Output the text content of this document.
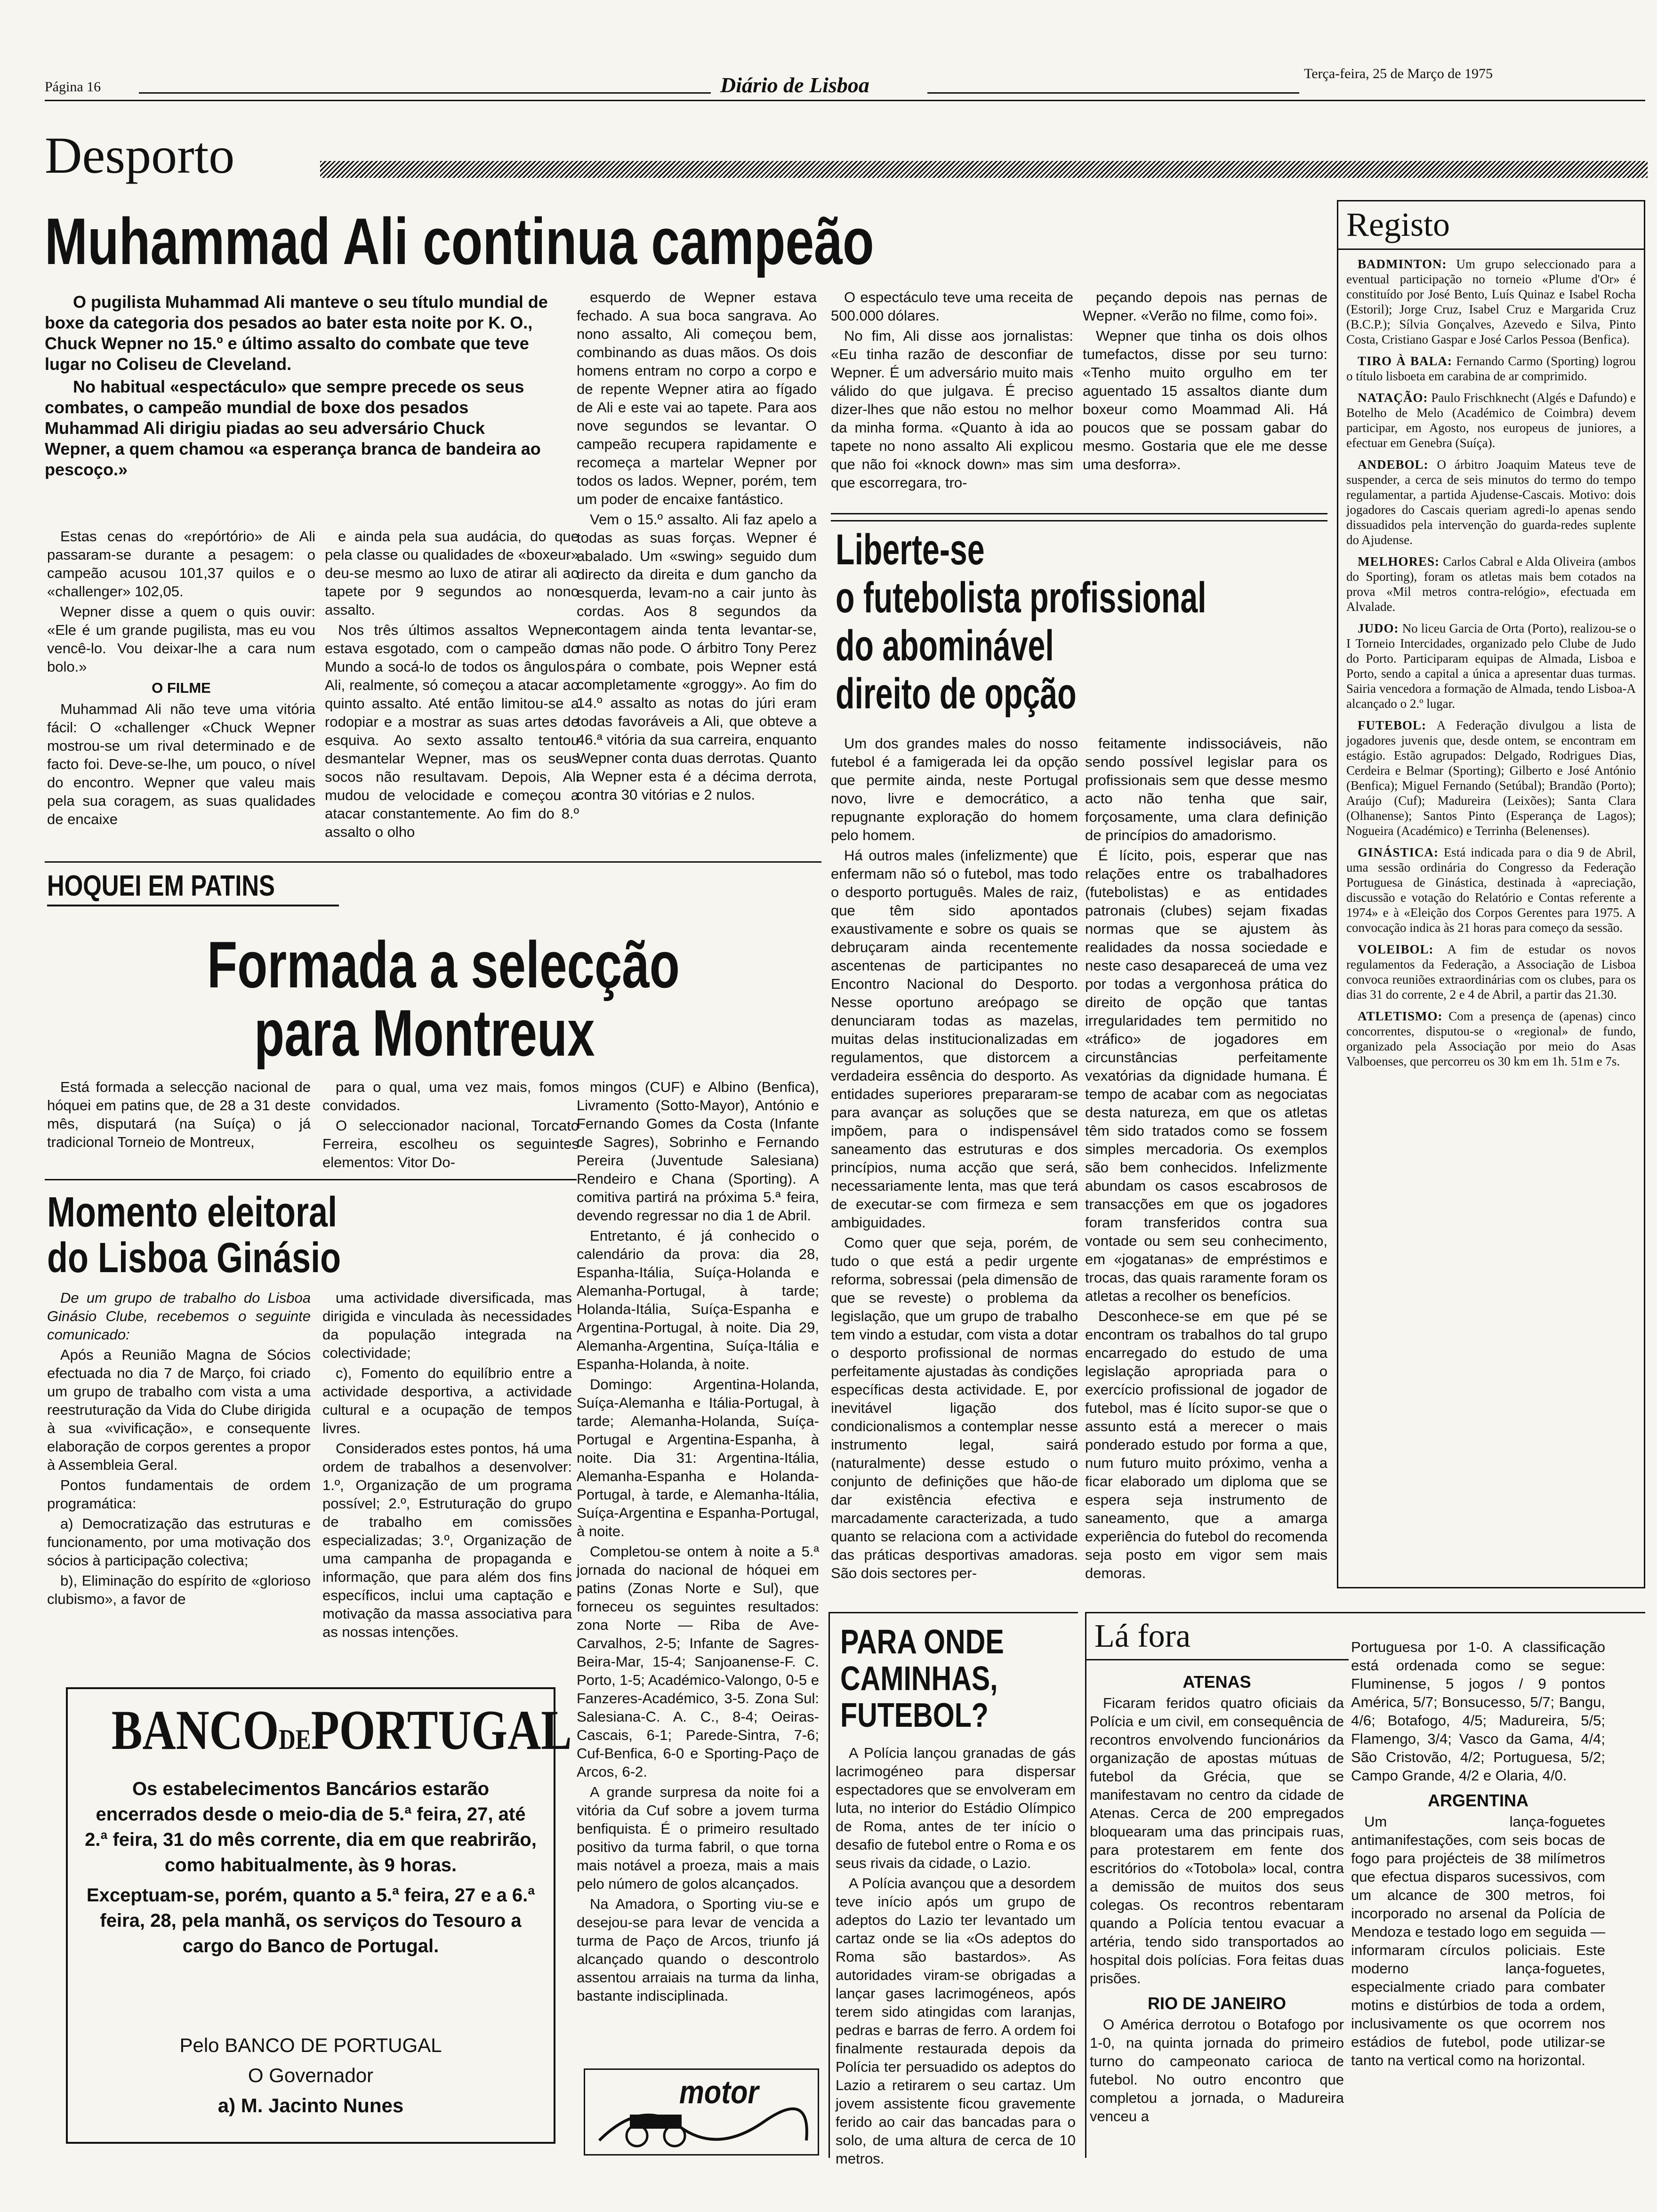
Página 16	Diário de Lisboa	Terça-feira, 25 de Março de 1975
Desporto
Muhammad Ali continua campeão

O pugilista Muhammad Ali manteve o seu título mundial de boxe da categoria dos pesados ao bater esta noite por K. O., Chuck Wepner no 15.º e último assalto do combate que teve lugar no Coliseu de Cleveland.

No habitual «espectáculo» que sempre precede os seus combates, o campeão mundial de boxe dos pesados Muhammad Ali dirigiu piadas ao seu adversário Chuck Wepner, a quem chamou «a esperança branca de bandeira ao pescoço.»

Estas cenas do «repórtório» de Ali passaram-se durante a pesagem: o campeão acusou 101,37 quilos e o «challenger» 102,05.

Wepner disse a quem o quis ouvir: «Ele é um grande pugilista, mas eu vou vencê-lo. Vou deixar-lhe a cara num bolo.»

O FILME

Muhammad Ali não teve uma vitória fácil: O «challenger «Chuck Wepner mostrou-se um rival determinado e de facto foi. Deve-se-lhe, um pouco, o nível do encontro. Wepner que valeu mais pela sua coragem, as suas qualidades de encaixe

e ainda pela sua audácia, do que pela classe ou qualidades de «boxeur» deu-se mesmo ao luxo de atirar ali ao tapete por 9 segundos ao nono assalto.

Nos três últimos assaltos Wepner estava esgotado, com o campeão do Mundo a socá-lo de todos os ângulos. Ali, realmente, só começou a atacar ao quinto assalto. Até então limitou-se a rodopiar e a mostrar as suas artes de esquiva. Ao sexto assalto tentou desmantelar Wepner, mas os seus socos não resultavam. Depois, Ali mudou de velocidade e começou a atacar constantemente. Ao fim do 8.º assalto o olho

esquerdo de Wepner estava fechado. A sua boca sangrava. Ao nono assalto, Ali começou bem, combinando as duas mãos. Os dois homens entram no corpo a corpo e de repente Wepner atira ao fígado de Ali e este vai ao tapete. Para aos nove segundos se levantar. O campeão recupera rapidamente e recomeça a martelar Wepner por todos os lados. Wepner, porém, tem um poder de encaixe fantástico.

Vem o 15.º assalto. Ali faz apelo a todas as suas forças. Wepner é abalado. Um «swing» seguido dum directo da direita e dum gancho da esquerda, levam-no a cair junto às cordas. Aos 8 segundos da contagem ainda tenta levantar-se, mas não pode. O árbitro Tony Perez pára o combate, pois Wepner está completamente «groggy». Ao fim do 14.º assalto as notas do júri eram todas favoráveis a Ali, que obteve a 46.ª vitória da sua carreira, enquanto Wepner conta duas derrotas. Quanto a Wepner esta é a décima derrota, contra 30 vitórias e 2 nulos.

O espectáculo teve uma receita de 500.000 dólares.

No fim, Ali disse aos jornalistas: «Eu tinha razão de desconfiar de Wepner. É um adversário muito mais válido do que julgava. É preciso dizer-lhes que não estou no melhor da minha forma. «Quanto à ida ao tapete no nono assalto Ali explicou que não foi «knock down» mas sim que escorregara, tro-

peçando depois nas pernas de Wepner. «Verão no filme, como foi».

Wepner que tinha os dois olhos tumefactos, disse por seu turno: «Tenho muito orgulho em ter aguentado 15 assaltos diante dum boxeur como Moammad Ali. Há poucos que se possam gabar do mesmo. Gostaria que ele me desse uma desforra».

HOQUEI EM PATINS
Formada a selecção
para Montreux

Está formada a selecção nacional de hóquei em patins que, de 28 a 31 deste mês, disputará (na Suíça) o já tradicional Torneio de Montreux,

para o qual, uma vez mais, fomos convidados.

O seleccionador nacional, Torcato Ferreira, escolheu os seguintes elementos: Vitor Do-

mingos (CUF) e Albino (Benfica), Livramento (Sotto-Mayor), António e Fernando Gomes da Costa (Infante de Sagres), Sobrinho e Fernando Pereira (Juventude Salesiana) Rendeiro e Chana (Sporting). A comitiva partirá na próxima 5.ª feira, devendo regressar no dia 1 de Abril.

Entretanto, é já conhecido o calendário da prova: dia 28, Espanha-Itália, Suíça-Holanda e Alemanha-Portugal, à tarde; Holanda-Itália, Suíça-Espanha e Argentina-Portugal, à noite. Dia 29, Alemanha-Argentina, Suíça-Itália e Espanha-Holanda, à noite.

Domingo: Argentina-Holanda, Suíça-Alemanha e Itália-Portugal, à tarde; Alemanha-Holanda, Suíça-Portugal e Argentina-Espanha, à noite. Dia 31: Argentina-Itália, Alemanha-Espanha e Holanda-Portugal, à tarde, e Alemanha-Itália, Suíça-Argentina e Espanha-Portugal, à noite.

Completou-se ontem à noite a 5.ª jornada do nacional de hóquei em patins (Zonas Norte e Sul), que forneceu os seguintes resultados: zona Norte — Riba de Ave-Carvalhos, 2-5; Infante de Sagres-Beira-Mar, 15-4; Sanjoanense-F. C. Porto, 1-5; Académico-Valongo, 0-5 e Fanzeres-Académico, 3-5. Zona Sul: Salesiana-C. A. C., 8-4; Oeiras-Cascais, 6-1; Parede-Sintra, 7-6; Cuf-Benfica, 6-0 e Sporting-Paço de Arcos, 6-2.

A grande surpresa da noite foi a vitória da Cuf sobre a jovem turma benfiquista. É o primeiro resultado positivo da turma fabril, o que torna mais notável a proeza, mais a mais pelo número de golos alcançados.

Na Amadora, o Sporting viu-se e desejou-se para levar de vencida a turma de Paço de Arcos, triunfo já alcançado quando o descontrolo assentou arraiais na turma da linha, bastante indisciplinada.

Momento eleitoral
do Lisboa Ginásio

De um grupo de trabalho do Lisboa Ginásio Clube, recebemos o seguinte comunicado:

Após a Reunião Magna de Sócios efectuada no dia 7 de Março, foi criado um grupo de trabalho com vista a uma reestruturação da Vida do Clube dirigida à sua «vivificação», e consequente elaboração de corpos gerentes a propor à Assembleia Geral.

Pontos fundamentais de ordem programática:

a) Democratização das estruturas e funcionamento, por uma motivação dos sócios à participação colectiva;

b), Eliminação do espírito de «glorioso clubismo», a favor de

uma actividade diversificada, mas dirigida e vinculada às necessidades da população integrada na colectividade;

c), Fomento do equilíbrio entre a actividade desportiva, a actividade cultural e a ocupação de tempos livres.

Considerados estes pontos, há uma ordem de trabalhos a desenvolver: 1.º, Organização de um programa possível; 2.º, Estruturação do grupo de trabalho em comissões especializadas; 3.º, Organização de uma campanha de propaganda e informação, que para além dos fins específicos, inclui uma captação e motivação da massa associativa para as nossas intenções.

BANCODEPORTUGAL

Os estabelecimentos Bancários estarão encerrados desde o meio-dia de 5.ª feira, 27, até 2.ª feira, 31 do mês corrente, dia em que reabrirão, como habitualmente, às 9 horas.

Exceptuam-se, porém, quanto a 5.ª feira, 27 e a 6.ª feira, 28, pela manhã, os serviços do Tesouro a cargo do Banco de Portugal.

Pelo BANCO DE PORTUGAL
O Governador
a) M. Jacinto Nunes
Liberte-se
o futebolista profissional
do abominável
direito de opção

Um dos grandes males do nosso futebol é a famigerada lei da opção que permite ainda, neste Portugal novo, livre e democrático, a repugnante exploração do homem pelo homem.

Há outros males (infelizmente) que enfermam não só o futebol, mas todo o desporto português. Males de raiz, que têm sido apontados exaustivamente e sobre os quais se debruçaram ainda recentemente ascentenas de participantes no Encontro Nacional do Desporto. Nesse oportuno areópago se denunciaram todas as mazelas, muitas delas institucionalizadas em regulamentos, que distorcem a verdadeira essência do desporto. As entidades superiores prepararam-se para avançar as soluções que se impõem, para o indispensável saneamento das estruturas e dos princípios, numa acção que será, necessariamente lenta, mas que terá de executar-se com firmeza e sem ambiguidades.

Como quer que seja, porém, de tudo o que está a pedir urgente reforma, sobressai (pela dimensão de que se reveste) o problema da legislação, que um grupo de trabalho tem vindo a estudar, com vista a dotar o desporto profissional de normas perfeitamente ajustadas às condições específicas desta actividade. E, por inevitável ligação dos condicionalismos a contemplar nesse instrumento legal, sairá (naturalmente) desse estudo o conjunto de definições que hão-de dar existência efectiva e marcadamente caracterizada, a tudo quanto se relaciona com a actividade das práticas desportivas amadoras. São dois sectores per-

feitamente indissociáveis, não sendo possível legislar para os profissionais sem que desse mesmo acto não tenha que sair, forçosamente, uma clara definição de princípios do amadorismo.

É lícito, pois, esperar que nas relações entre os trabalhadores (futebolistas) e as entidades patronais (clubes) sejam fixadas normas que se ajustem às realidades da nossa sociedade e neste caso desapareceá de uma vez por todas a vergonhosa prática do direito de opção que tantas irregularidades tem permitido no «tráfico» de jogadores em circunstâncias perfeitamente vexatórias da dignidade humana. É tempo de acabar com as negociatas desta natureza, em que os atletas têm sido tratados como se fossem simples mercadoria. Os exemplos são bem conhecidos. Infelizmente abundam os casos escabrosos de transacções em que os jogadores foram transferidos contra sua vontade ou sem seu conhecimento, em «jogatanas» de empréstimos e trocas, das quais raramente foram os atletas a recolher os benefícios.

Desconhece-se em que pé se encontram os trabalhos do tal grupo encarregado do estudo de uma legislação apropriada para o exercício profissional de jogador de futebol, mas é lícito supor-se que o assunto está a merecer o mais ponderado estudo por forma a que, num futuro muito próximo, venha a ficar elaborado um diploma que se espera seja instrumento de saneamento, que a amarga experiência do futebol do recomenda seja posto em vigor sem mais demoras.

PARA ONDE
CAMINHAS,
FUTEBOL?

A Polícia lançou granadas de gás lacrimogéneo para dispersar espectadores que se envolveram em luta, no interior do Estádio Olímpico de Roma, antes de ter início o desafio de futebol entre o Roma e os seus rivais da cidade, o Lazio.

A Polícia avançou que a desordem teve início após um grupo de adeptos do Lazio ter levantado um cartaz onde se lia «Os adeptos do Roma são bastardos». As autoridades viram-se obrigadas a lançar gases lacrimogéneos, após terem sido atingidas com laranjas, pedras e barras de ferro. A ordem foi finalmente restaurada depois da Polícia ter persuadido os adeptos do Lazio a retirarem o seu cartaz. Um jovem assistente ficou gravemente ferido ao cair das bancadas para o solo, de uma altura de cerca de 10 metros.

motor
Registo

BADMINTON: Um grupo seleccionado para a eventual participação no torneio «Plume d'Or» é constituído por José Bento, Luís Quinaz e Isabel Rocha (Estoril); Jorge Cruz, Isabel Cruz e Margarida Cruz (B.C.P.); Sílvia Gonçalves, Azevedo e Silva, Pinto Costa, Cristiano Gaspar e José Carlos Pessoa (Benfica).

TIRO À BALA: Fernando Carmo (Sporting) logrou o título lisboeta em carabina de ar comprimido.

NATAÇÃO: Paulo Frischknecht (Algés e Dafundo) e Botelho de Melo (Académico de Coimbra) devem participar, em Agosto, nos europeus de juniores, a efectuar em Genebra (Suíça).

ANDEBOL: O árbitro Joaquim Mateus teve de suspender, a cerca de seis minutos do termo do tempo regulamentar, a partida Ajudense-Cascais. Motivo: dois jogadores do Cascais queriam agredi-lo apenas sendo dissuadidos pela intervenção do guarda-redes suplente do Ajudense.

MELHORES: Carlos Cabral e Alda Oliveira (ambos do Sporting), foram os atletas mais bem cotados na prova «Mil metros contra-relógio», efectuada em Alvalade.

JUDO: No liceu Garcia de Orta (Porto), realizou-se o I Torneio Intercidades, organizado pelo Clube de Judo do Porto. Participaram equipas de Almada, Lisboa e Porto, sendo a capital a única a apresentar duas turmas. Sairia vencedora a formação de Almada, tendo Lisboa-A alcançado o 2.º lugar.

FUTEBOL: A Federação divulgou a lista de jogadores juvenis que, desde ontem, se encontram em estágio. Estão agrupados: Delgado, Rodrigues Dias, Cerdeira e Belmar (Sporting); Gilberto e José António (Benfica); Miguel Fernando (Setúbal); Brandão (Porto); Araújo (Cuf); Madureira (Leixões); Santa Clara (Olhanense); Santos Pinto (Esperança de Lagos); Nogueira (Académico) e Terrinha (Belenenses).

GINÁSTICA: Está indicada para o dia 9 de Abril, uma sessão ordinária do Congresso da Federação Portuguesa de Ginástica, destinada à «apreciação, discussão e votação do Relatório e Contas referente a 1974» e à «Eleição dos Corpos Gerentes para 1975. A convocação indica às 21 horas para começo da sessão.

VOLEIBOL: A fim de estudar os novos regulamentos da Federação, a Associação de Lisboa convoca reuniões extraordinárias com os clubes, para os dias 31 do corrente, 2 e 4 de Abril, a partir das 21.30.

ATLETISMO: Com a presença de (apenas) cinco concorrentes, disputou-se o «regional» de fundo, organizado pela Associação por meio do Asas Valboenses, que percorreu os 30 km em 1h. 51m e 7s.

Lá fora
ATENAS

Ficaram feridos quatro oficiais da Polícia e um civil, em consequência de recontros envolvendo funcionários da organização de apostas mútuas de futebol da Grécia, que se manifestavam no centro da cidade de Atenas. Cerca de 200 empregados bloquearam uma das principais ruas, para protestarem em fente dos escritórios do «Totobola» local, contra a demissão de muitos dos seus colegas. Os recontros rebentaram quando a Polícia tentou evacuar a artéria, tendo sido transportados ao hospital dois polícias. Fora feitas duas prisões.

RIO DE JANEIRO

O América derrotou o Botafogo por 1-0, na quinta jornada do primeiro turno do campeonato carioca de futebol. No outro encontro que completou a jornada, o Madureira venceu a

Portuguesa por 1-0. A classificação está ordenada como se segue: Fluminense, 5 jogos / 9 pontos América, 5/7; Bonsucesso, 5/7; Bangu, 4/6; Botafogo, 4/5; Madureira, 5/5; Flamengo, 3/4; Vasco da Gama, 4/4; São Cristovão, 4/2; Portuguesa, 5/2; Campo Grande, 4/2 e Olaria, 4/0.

ARGENTINA

Um lança-foguetes antimanifestações, com seis bocas de fogo para projécteis de 38 milímetros que efectua disparos sucessivos, com um alcance de 300 metros, foi incorporado no arsenal da Polícia de Mendoza e testado logo em seguida — informaram círculos policiais. Este moderno lança-foguetes, especialmente criado para combater motins e distúrbios de toda a ordem, inclusivamente os que ocorrem nos estádios de futebol, pode utilizar-se tanto na vertical como na horizontal.
